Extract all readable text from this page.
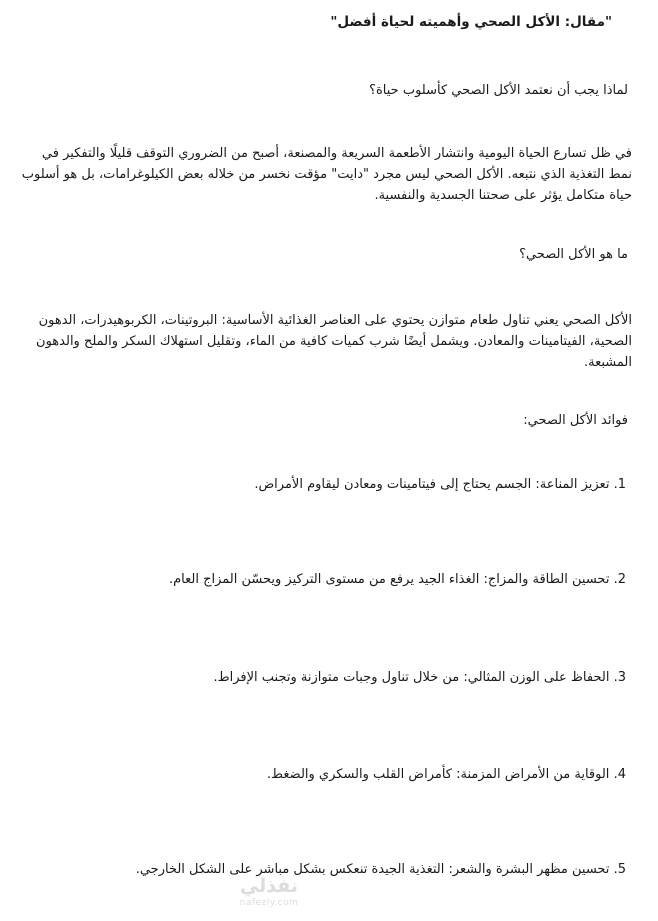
"مقال: الأكل الصحي وأهميته لحياة أفضل"
لماذا يجب أن نعتمد الأكل الصحي كأسلوب حياة؟
في ظل تسارع الحياة اليومية وانتشار الأطعمة السريعة والمصنعة، أصبح من الضروري التوقف قليلًا والتفكير في نمط التغذية الذي نتبعه. الأكل الصحي ليس مجرد "دايت" مؤقت نخسر من خلاله بعض الكيلوغرامات، بل هو أسلوب حياة متكامل يؤثر على صحتنا الجسدية والنفسية.
ما هو الأكل الصحي؟
الأكل الصحي يعني تناول طعام متوازن يحتوي على العناصر الغذائية الأساسية: البروتينات، الكربوهيدرات، الدهون الصحية، الفيتامينات والمعادن. ويشمل أيضًا شرب كميات كافية من الماء، وتقليل استهلاك السكر والملح والدهون المشبعة.
فوائد الأكل الصحي:
1. تعزيز المناعة: الجسم يحتاج إلى فيتامينات ومعادن ليقاوم الأمراض.
2. تحسين الطاقة والمزاج: الغذاء الجيد يرفع من مستوى التركيز ويحسّن المزاج العام.
3. الحفاظ على الوزن المثالي: من خلال تناول وجبات متوازنة وتجنب الإفراط.
4. الوقاية من الأمراض المزمنة: كأمراض القلب والسكري والضغط.
5. تحسين مظهر البشرة والشعر: التغذية الجيدة تنعكس بشكل مباشر على الشكل الخارجي.
نفذلي
nafezly.com
